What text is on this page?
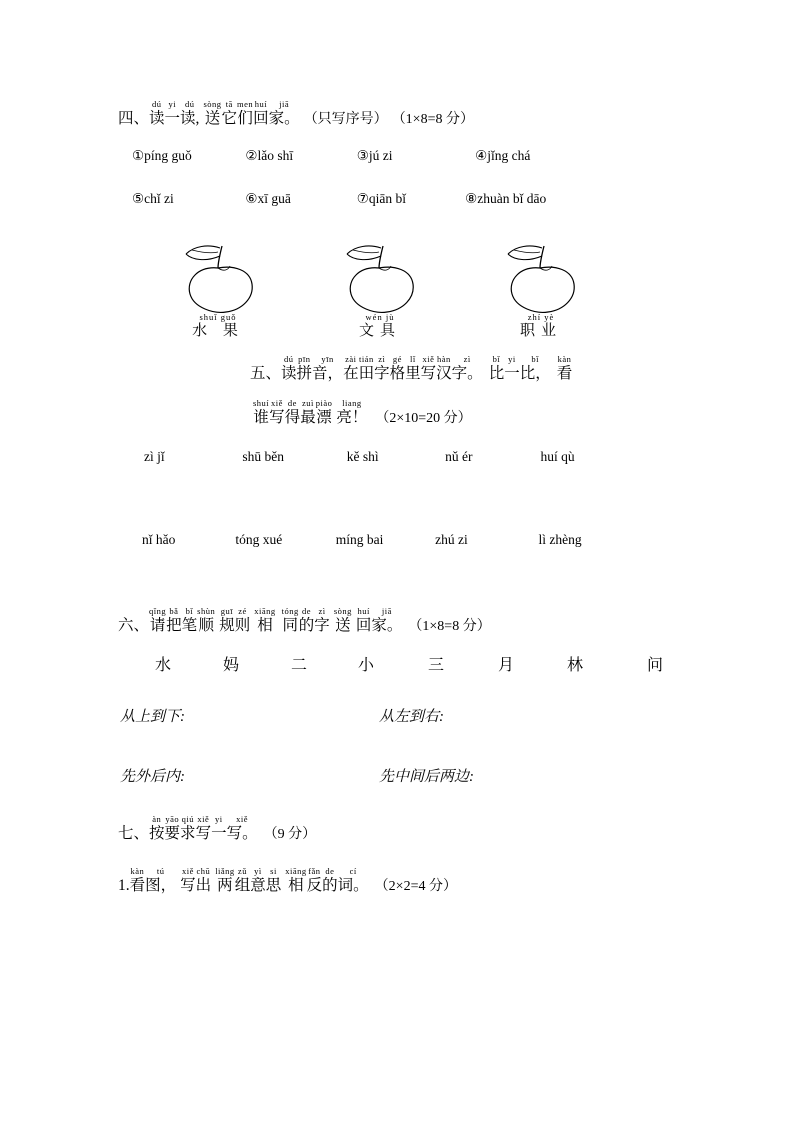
四、
dú
读
yi
一
dú
读,
sòng
送
tā
它
men
们
huí
回
jiā
家。 （只写序号） （1×8=8 分）
①píng guǒ	②lǎo shī	③jú zi	④jǐng chá
⑤chǐ zi	⑥xī guā	⑦qiān bǐ	⑧zhuàn bǐ dāo
shuǐ guǒ
水 果
wén jù
文具
zhí yè
职业
五、
dú
读
pīn
拼
yīn
音，
zài
在
tián
田
zì
字
gé
格
lǐ
里
xiě
写
hàn
汉
zì
字。
bǐ
比
yi
一
bǐ
比，
kàn
看
shuí
谁
xiě
写
de
得
zuì
最
piào
漂
liang
亮！ （2×10=20 分）
zì jǐ	shū běn	kě shì	nǔ ér	huí qù
nǐ hǎo	tóng xué	míng bai	zhú zi	lì zhèng
六、
qǐng
请
bǎ
把
bǐ
笔
shùn
顺
guī
规
zé
则
xiāng
相
tóng
同
de
的
zì
字
sòng
送
huí
回
jiā
家。 （1×8=8 分）
水	妈	二	小	三	月	林	问
从上到下:	从左到右:
先外后内:	先中间后两边:
七、
àn
按
yāo
要
qiú
求
xiě
写
yi
一
xiě
写。 （9 分）
1.
kàn
看
tú
图，
xiě
写
chū
出
liǎng
两
zǔ
组
yì
意
si
思
xiāng
相
fǎn
反
de
的
cí
词。 （2×2=4 分）
